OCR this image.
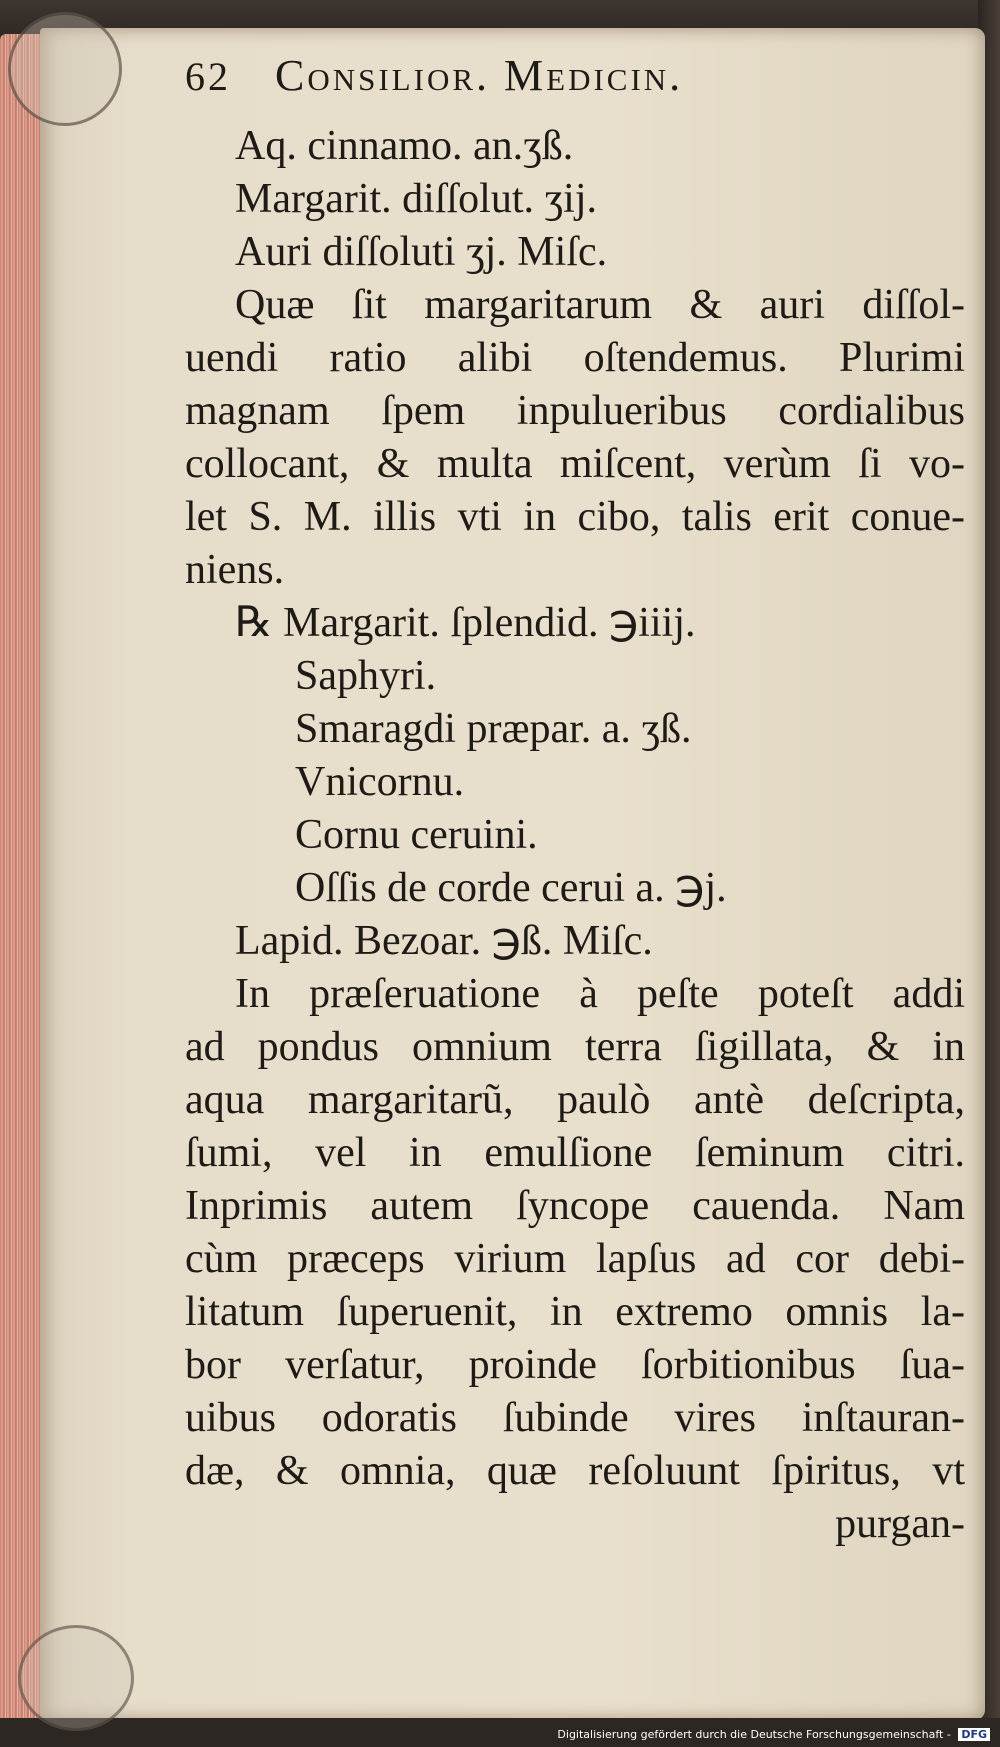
62	Consilior. Medicin.
Aq. cinnamo. an.ʒß.
Margarit. diſſolut. ʒij.
Auri diſſoluti ʒj. Miſc.
Quæ ſit margaritarum & auri diſſol-
uendi ratio alibi oſtendemus. Plurimi
magnam ſpem inpulueribus cordialibus
collocant, & multa miſcent, verùm ſi vo-
let S. M. illis vti in cibo, talis erit conue-
niens.
℞ Margarit. ſplendid. ℈iiij.
Saphyri.
Smaragdi præpar. a. ʒß.
Vnicornu.
Cornu ceruini.
Oſſis de corde cerui a. ℈j.
Lapid. Bezoar. ℈ß. Miſc.
In præſeruatione à peſte poteſt addi
ad pondus omnium terra ſigillata, & in
aqua margaritarũ, paulò antè deſcripta,
ſumi, vel in emulſione ſeminum citri.
Inprimis autem ſyncope cauenda. Nam
cùm præceps virium lapſus ad cor debi-
litatum ſuperuenit, in extremo omnis la-
bor verſatur, proinde ſorbitionibus ſua-
uibus odoratis ſubinde vires inſtauran-
dæ, & omnia, quæ reſoluunt ſpiritus, vt
purgan-
Digitalisierung gefördert durch die Deutsche Forschungsgemeinschaft - DFG
